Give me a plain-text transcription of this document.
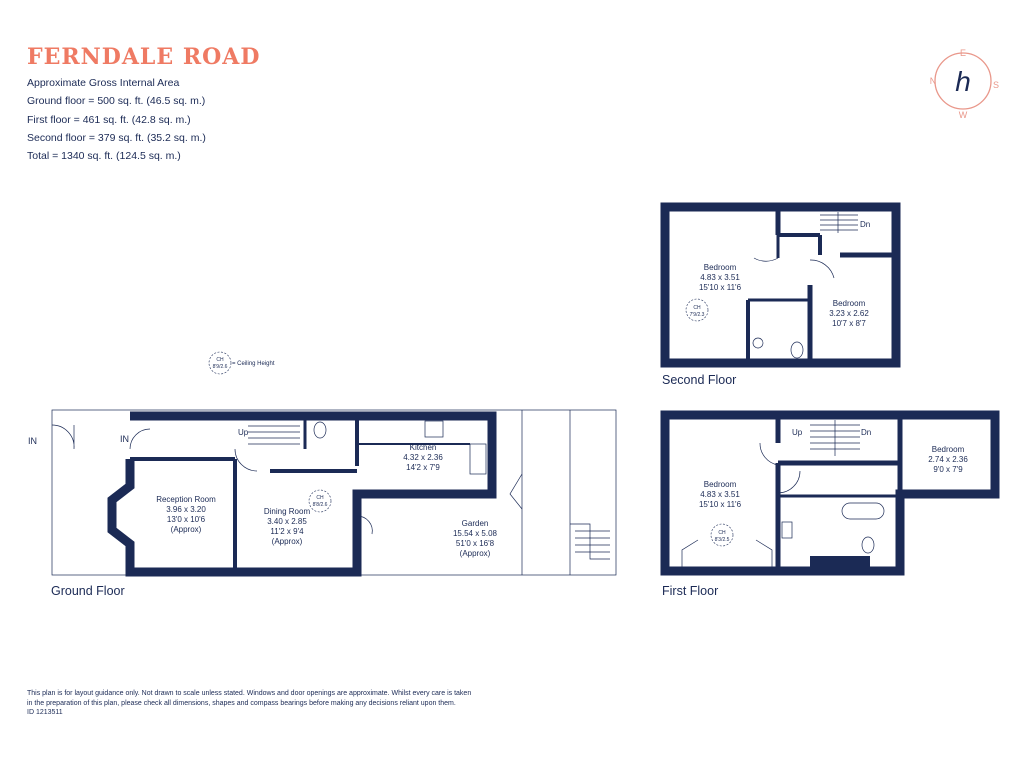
FERNDALE ROAD
Approximate Gross Internal Area
Ground floor = 500 sq. ft. (46.5 sq. m.)
First floor = 461 sq. ft. (42.8 sq. m.)
Second floor = 379 sq. ft. (35.2 sq. m.)
Total = 1340 sq. ft. (124.5 sq. m.)
E
W
N	S
h
CH
8'9/2.6 = Ceiling Height
Dn
Bedroom
4.83 x 3.51
15'10 x 11'6
Bedroom
3.23 x 2.62
10'7 x 8'7
CH
7'9/2.3
Second Floor
Up	Dn
Bedroom
4.83 x 3.51
15'10 x 11'6
Bedroom
2.74 x 2.36
9'0 x 7'9
CH
8'3/2.5
First Floor
IN	IN
Up
Reception Room
3.96 x 3.20
13'0 x 10'6
(Approx)
Dining Room
3.40 x 2.85
11'2 x 9'4
(Approx)
CH
8'8/2.6
Kitchen
4.32 x 2.36
14'2 x 7'9
Garden
15.54 x 5.08
51'0 x 16'8
(Approx)
Ground Floor
This plan is for layout guidance only. Not drawn to scale unless stated. Windows and door openings are approximate. Whilst every care is taken
in the preparation of this plan, please check all dimensions, shapes and compass bearings before making any decisions reliant upon them.
ID 1213511
